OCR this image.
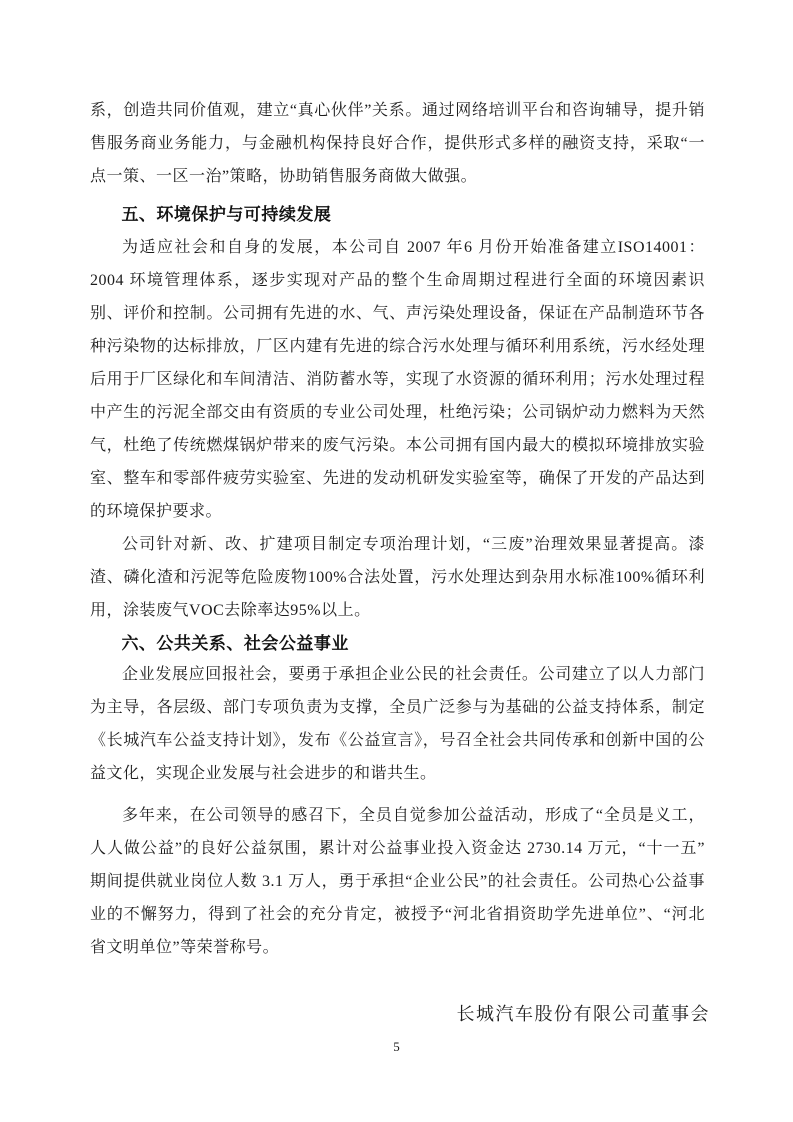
系，创造共同价值观，建立“真心伙伴”关系。通过网络培训平台和咨询辅导，提升销售服务商业务能力，与金融机构保持良好合作，提供形式多样的融资支持，采取“一点一策、一区一治”策略，协助销售服务商做大做强。

五、环境保护与可持续发展

为适应社会和自身的发展，本公司自 2007 年6 月份开始准备建立ISO14001：2004 环境管理体系，逐步实现对产品的整个生命周期过程进行全面的环境因素识别、评价和控制。公司拥有先进的水、气、声污染处理设备，保证在产品制造环节各种污染物的达标排放，厂区内建有先进的综合污水处理与循环利用系统，污水经处理后用于厂区绿化和车间清洁、消防蓄水等，实现了水资源的循环利用；污水处理过程中产生的污泥全部交由有资质的专业公司处理，杜绝污染；公司锅炉动力燃料为天然气，杜绝了传统燃煤锅炉带来的废气污染。本公司拥有国内最大的模拟环境排放实验室、整车和零部件疲劳实验室、先进的发动机研发实验室等，确保了开发的产品达到的环境保护要求。

公司针对新、改、扩建项目制定专项治理计划，“三废”治理效果显著提高。漆渣、磷化渣和污泥等危险废物100%合法处置，污水处理达到杂用水标准100%循环利用，涂装废气VOC去除率达95%以上。

六、公共关系、社会公益事业

企业发展应回报社会，要勇于承担企业公民的社会责任。公司建立了以人力部门为主导，各层级、部门专项负责为支撑，全员广泛参与为基础的公益支持体系，制定《长城汽车公益支持计划》，发布《公益宣言》，号召全社会共同传承和创新中国的公益文化，实现企业发展与社会进步的和谐共生。

多年来，在公司领导的感召下，全员自觉参加公益活动，形成了“全员是义工，人人做公益”的良好公益氛围，累计对公益事业投入资金达 2730.14 万元，“十一五”期间提供就业岗位人数 3.1 万人，勇于承担“企业公民”的社会责任。公司热心公益事业的不懈努力，得到了社会的充分肯定，被授予“河北省捐资助学先进单位”、“河北省文明单位”等荣誉称号。

长城汽车股份有限公司董事会
5
